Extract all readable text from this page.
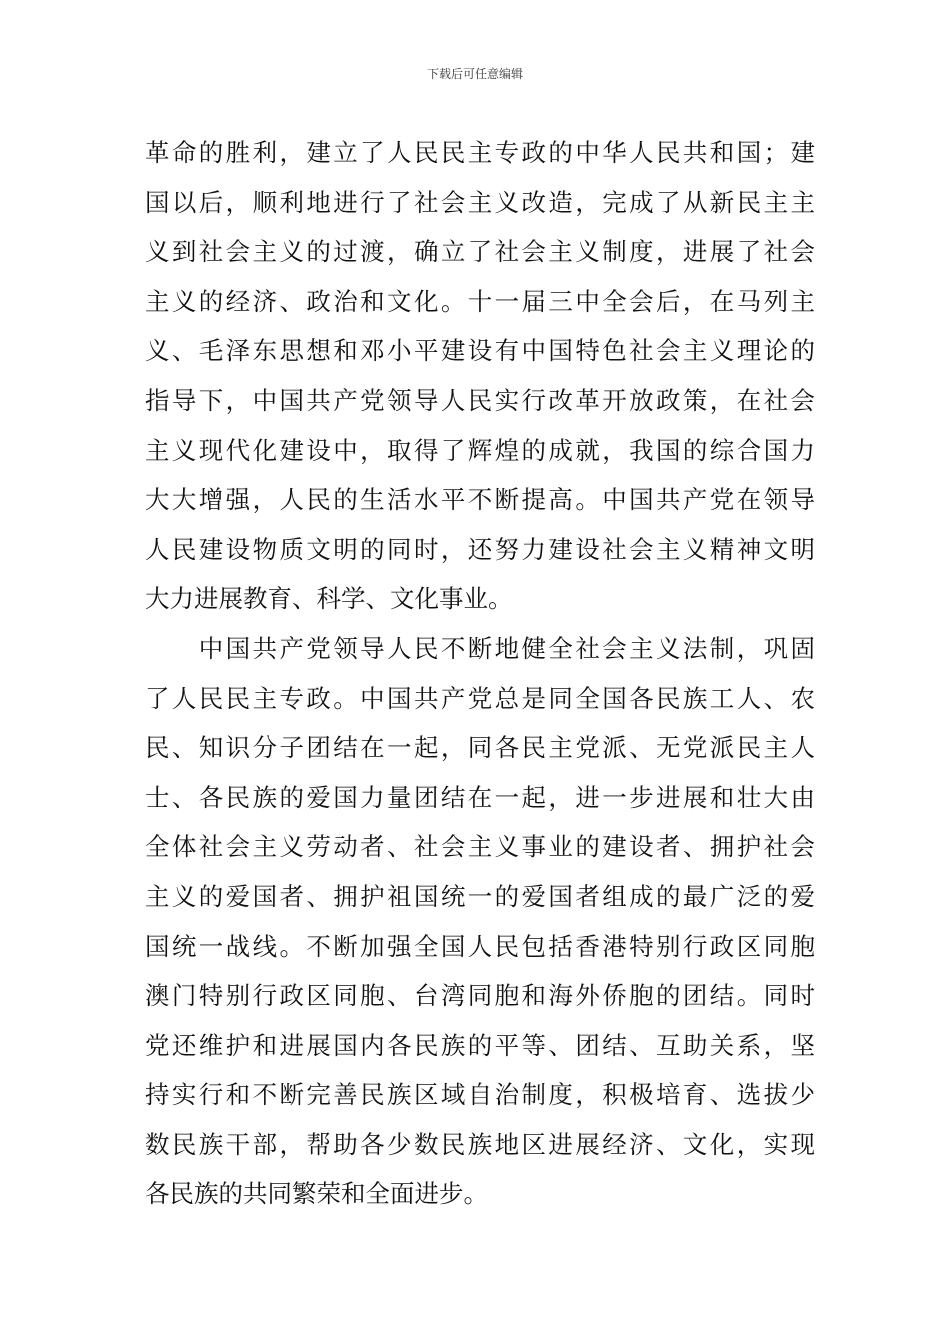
下载后可任意编辑
革命的胜利，建立了人民民主专政的中华人民共和国；建
国以后，顺利地进行了社会主义改造，完成了从新民主主
义到社会主义的过渡，确立了社会主义制度，进展了社会
主义的经济、政治和文化。十一届三中全会后，在马列主
义、毛泽东思想和邓小平建设有中国特色社会主义理论的
指导下，中国共产党领导人民实行改革开放政策，在社会
主义现代化建设中，取得了辉煌的成就，我国的综合国力
大大增强，人民的生活水平不断提高。中国共产党在领导
人民建设物质文明的同时，还努力建设社会主义精神文明
大力进展教育、科学、文化事业。
　　中国共产党领导人民不断地健全社会主义法制，巩固
了人民民主专政。中国共产党总是同全国各民族工人、农
民、知识分子团结在一起，同各民主党派、无党派民主人
士、各民族的爱国力量团结在一起，进一步进展和壮大由
全体社会主义劳动者、社会主义事业的建设者、拥护社会
主义的爱国者、拥护祖国统一的爱国者组成的最广泛的爱
国统一战线。不断加强全国人民包括香港特别行政区同胞
澳门特别行政区同胞、台湾同胞和海外侨胞的团结。同时
党还维护和进展国内各民族的平等、团结、互助关系，坚
持实行和不断完善民族区域自治制度，积极培育、选拔少
数民族干部，帮助各少数民族地区进展经济、文化，实现
各民族的共同繁荣和全面进步。
